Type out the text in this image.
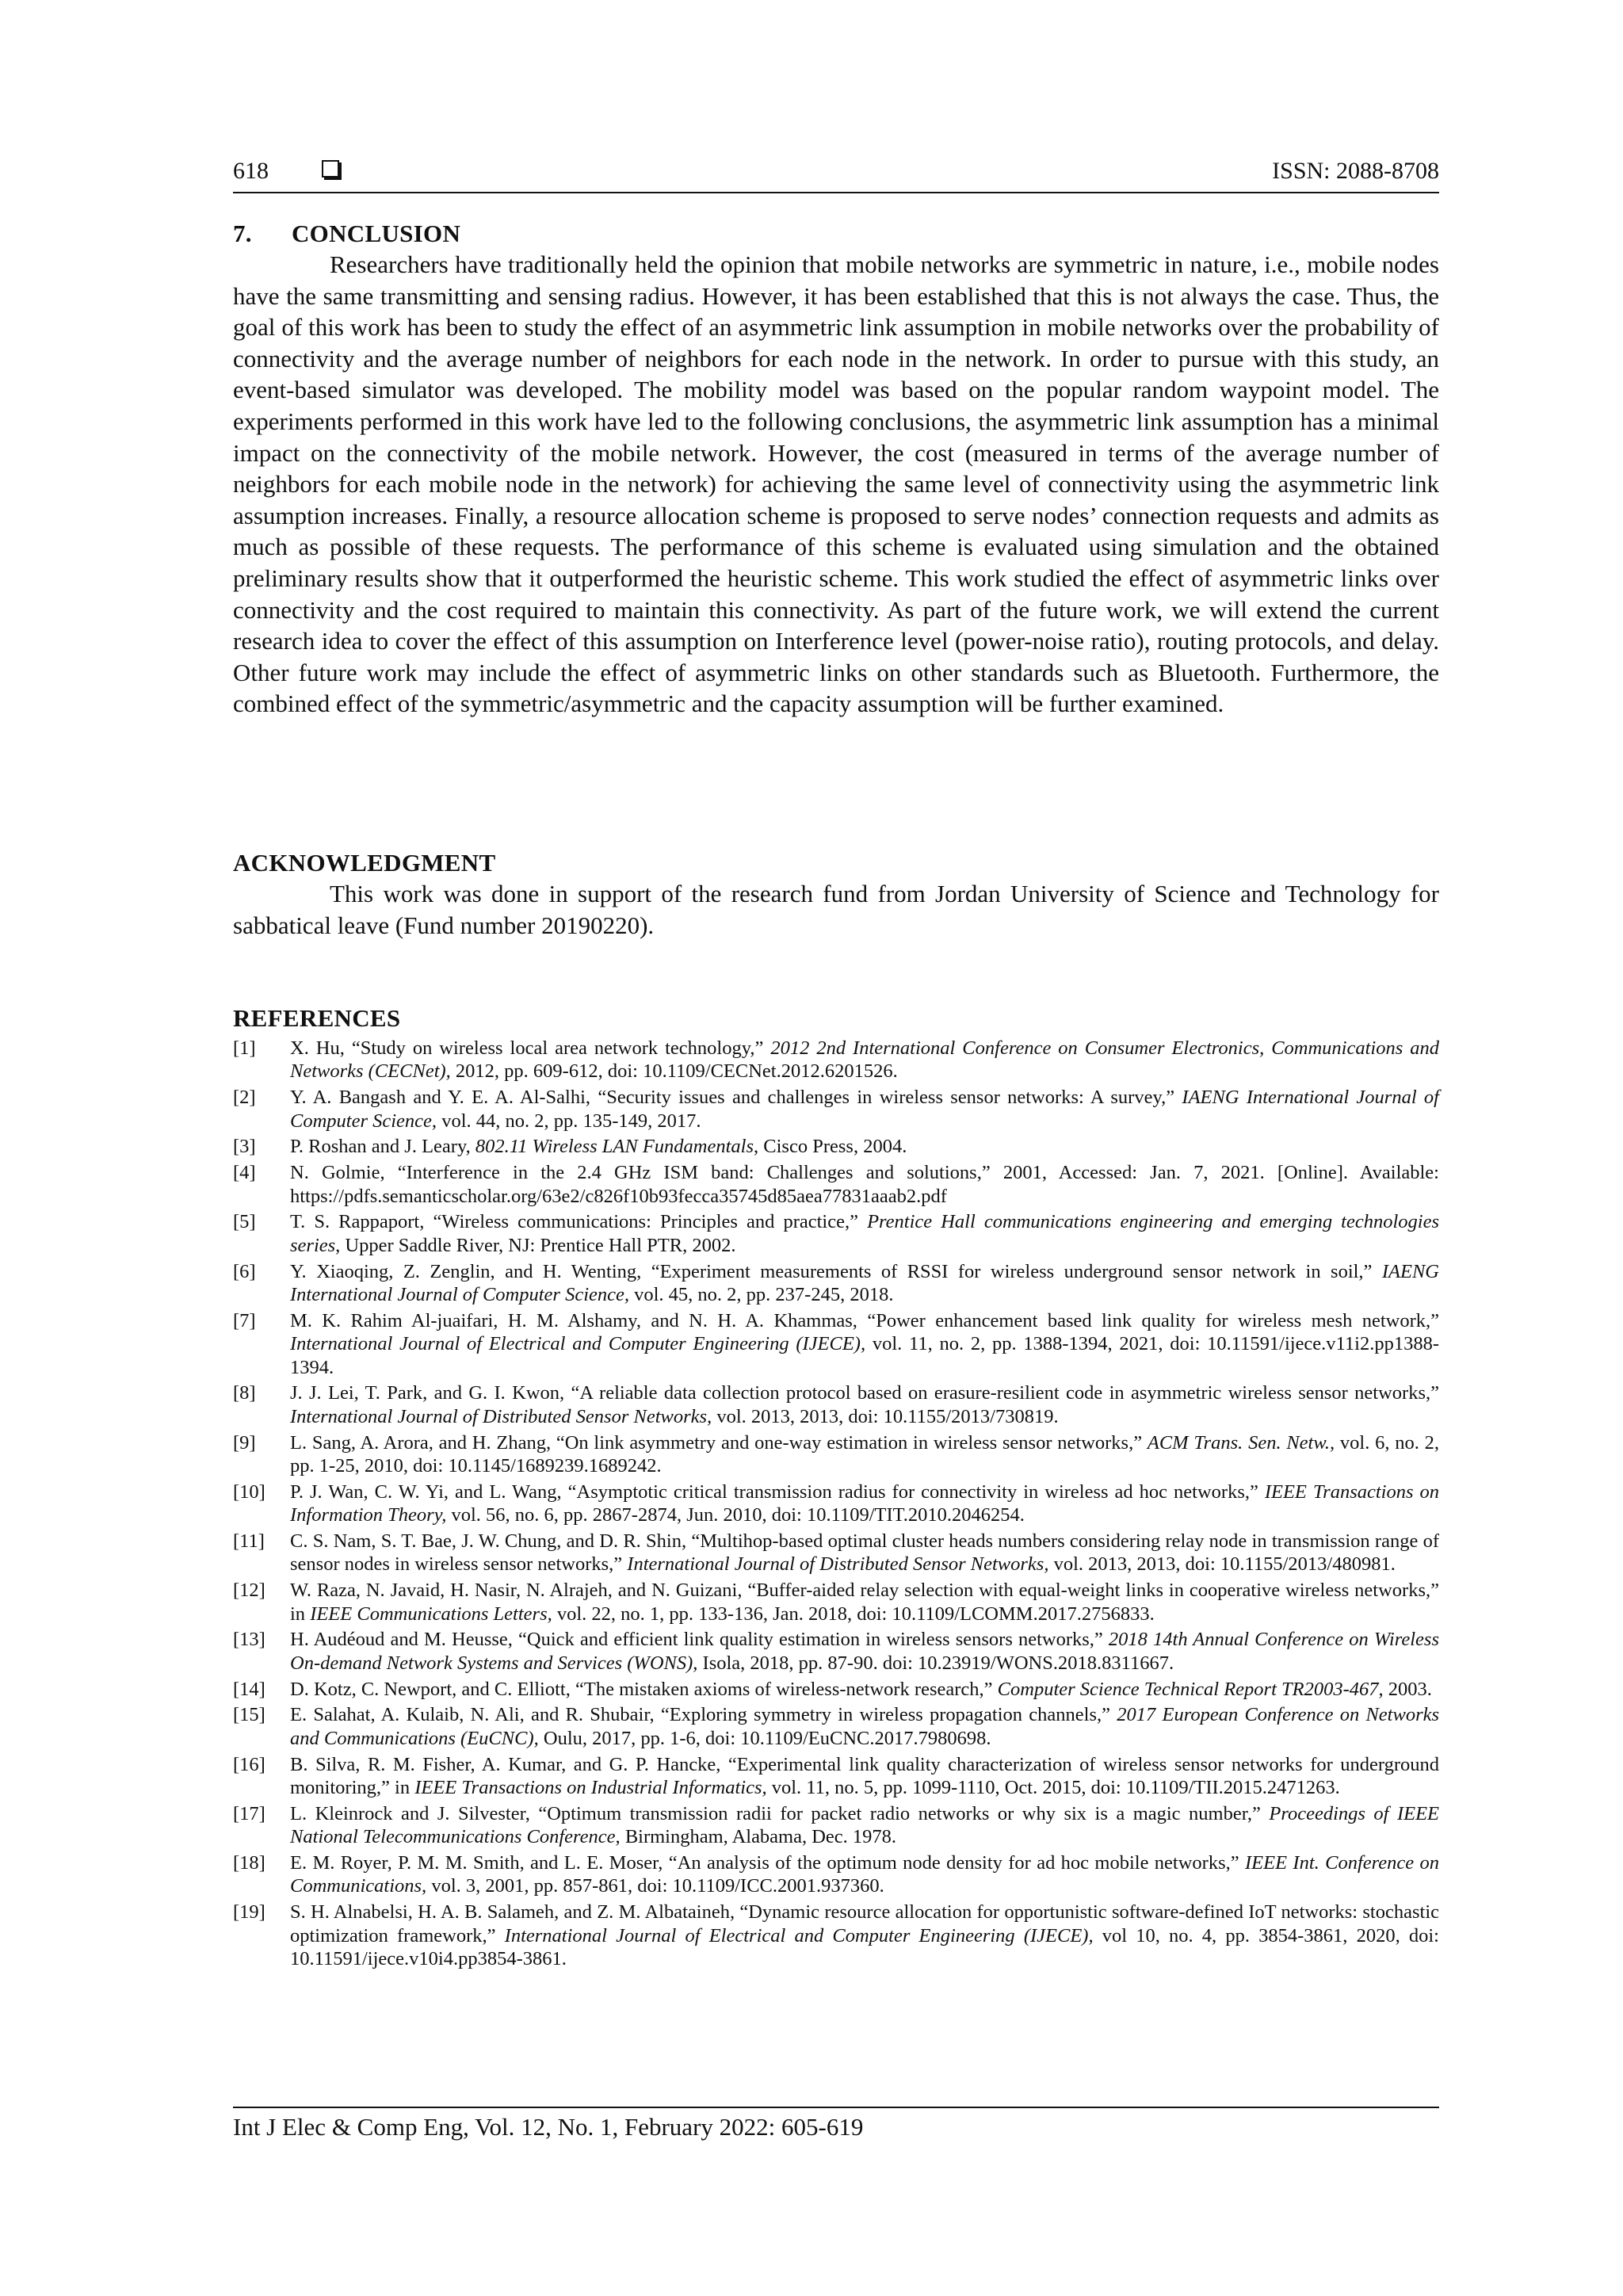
618	ISSN: 2088-8708
7. CONCLUSION

Researchers have traditionally held the opinion that mobile networks are symmetric in nature, i.e., mobile nodes have the same transmitting and sensing radius. However, it has been established that this is not always the case. Thus, the goal of this work has been to study the effect of an asymmetric link assumption in mobile networks over the probability of connectivity and the average number of neighbors for each node in the network. In order to pursue with this study, an event-based simulator was developed. The mobility model was based on the popular random waypoint model. The experiments performed in this work have led to the following conclusions, the asymmetric link assumption has a minimal impact on the connectivity of the mobile network. However, the cost (measured in terms of the average number of neighbors for each mobile node in the network) for achieving the same level of connectivity using the asymmetric link assumption increases. Finally, a resource allocation scheme is proposed to serve nodes’ connection requests and admits as much as possible of these requests. The performance of this scheme is evaluated using simulation and the obtained preliminary results show that it outperformed the heuristic scheme. This work studied the effect of asymmetric links over connectivity and the cost required to maintain this connectivity. As part of the future work, we will extend the current research idea to cover the effect of this assumption on Interference level (power-noise ratio), routing protocols, and delay. Other future work may include the effect of asymmetric links on other standards such as Bluetooth. Furthermore, the combined effect of the symmetric/asymmetric and the capacity assumption will be further examined.

ACKNOWLEDGMENT

This work was done in support of the research fund from Jordan University of Science and Technology for sabbatical leave (Fund number 20190220).

REFERENCES
[1] X. Hu, “Study on wireless local area network technology,” 2012 2nd International Conference on Consumer Electronics, Communications and Networks (CECNet), 2012, pp. 609-612, doi: 10.1109/CECNet.2012.6201526.
[2] Y. A. Bangash and Y. E. A. Al-Salhi, “Security issues and challenges in wireless sensor networks: A survey,” IAENG International Journal of Computer Science, vol. 44, no. 2, pp. 135-149, 2017.
[3] P. Roshan and J. Leary, 802.11 Wireless LAN Fundamentals, Cisco Press, 2004.
[4] N. Golmie, “Interference in the 2.4 GHz ISM band: Challenges and solutions,” 2001, Accessed: Jan. 7, 2021. [Online]. Available: https://pdfs.semanticscholar.org/63e2/c826f10b93fecca35745d85aea77831aaab2.pdf
[5] T. S. Rappaport, “Wireless communications: Principles and practice,” Prentice Hall communications engineering and emerging technologies series, Upper Saddle River, NJ: Prentice Hall PTR, 2002.
[6] Y. Xiaoqing, Z. Zenglin, and H. Wenting, “Experiment measurements of RSSI for wireless underground sensor network in soil,” IAENG International Journal of Computer Science, vol. 45, no. 2, pp. 237-245, 2018.
[7] M. K. Rahim Al-juaifari, H. M. Alshamy, and N. H. A. Khammas, “Power enhancement based link quality for wireless mesh network,” International Journal of Electrical and Computer Engineering (IJECE), vol. 11, no. 2, pp. 1388-1394, 2021, doi: 10.11591/ijece.v11i2.pp1388-1394.
[8] J. J. Lei, T. Park, and G. I. Kwon, “A reliable data collection protocol based on erasure-resilient code in asymmetric wireless sensor networks,” International Journal of Distributed Sensor Networks, vol. 2013, 2013, doi: 10.1155/2013/730819.
[9] L. Sang, A. Arora, and H. Zhang, “On link asymmetry and one-way estimation in wireless sensor networks,” ACM Trans. Sen. Netw., vol. 6, no. 2, pp. 1-25, 2010, doi: 10.1145/1689239.1689242.
[10] P. J. Wan, C. W. Yi, and L. Wang, “Asymptotic critical transmission radius for connectivity in wireless ad hoc networks,” IEEE Transactions on Information Theory, vol. 56, no. 6, pp. 2867-2874, Jun. 2010, doi: 10.1109/TIT.2010.2046254.
[11] C. S. Nam, S. T. Bae, J. W. Chung, and D. R. Shin, “Multihop-based optimal cluster heads numbers considering relay node in transmission range of sensor nodes in wireless sensor networks,” International Journal of Distributed Sensor Networks, vol. 2013, 2013, doi: 10.1155/2013/480981.
[12] W. Raza, N. Javaid, H. Nasir, N. Alrajeh, and N. Guizani, “Buffer-aided relay selection with equal-weight links in cooperative wireless networks,” in IEEE Communications Letters, vol. 22, no. 1, pp. 133-136, Jan. 2018, doi: 10.1109/LCOMM.2017.2756833.
[13] H. Audéoud and M. Heusse, “Quick and efficient link quality estimation in wireless sensors networks,” 2018 14th Annual Conference on Wireless On-demand Network Systems and Services (WONS), Isola, 2018, pp. 87-90. doi: 10.23919/WONS.2018.8311667.
[14] D. Kotz, C. Newport, and C. Elliott, “The mistaken axioms of wireless-network research,” Computer Science Technical Report TR2003-467, 2003.
[15] E. Salahat, A. Kulaib, N. Ali, and R. Shubair, “Exploring symmetry in wireless propagation channels,” 2017 European Conference on Networks and Communications (EuCNC), Oulu, 2017, pp. 1-6, doi: 10.1109/EuCNC.2017.7980698.
[16] B. Silva, R. M. Fisher, A. Kumar, and G. P. Hancke, “Experimental link quality characterization of wireless sensor networks for underground monitoring,” in IEEE Transactions on Industrial Informatics, vol. 11, no. 5, pp. 1099-1110, Oct. 2015, doi: 10.1109/TII.2015.2471263.
[17] L. Kleinrock and J. Silvester, “Optimum transmission radii for packet radio networks or why six is a magic number,” Proceedings of IEEE National Telecommunications Conference, Birmingham, Alabama, Dec. 1978.
[18] E. M. Royer, P. M. M. Smith, and L. E. Moser, “An analysis of the optimum node density for ad hoc mobile networks,” IEEE Int. Conference on Communications, vol. 3, 2001, pp. 857-861, doi: 10.1109/ICC.2001.937360.
[19] S. H. Alnabelsi, H. A. B. Salameh, and Z. M. Albataineh, “Dynamic resource allocation for opportunistic software-defined IoT networks: stochastic optimization framework,” International Journal of Electrical and Computer Engineering (IJECE), vol 10, no. 4, pp. 3854-3861, 2020, doi: 10.11591/ijece.v10i4.pp3854-3861.
Int J Elec & Comp Eng, Vol. 12, No. 1, February 2022: 605-619
